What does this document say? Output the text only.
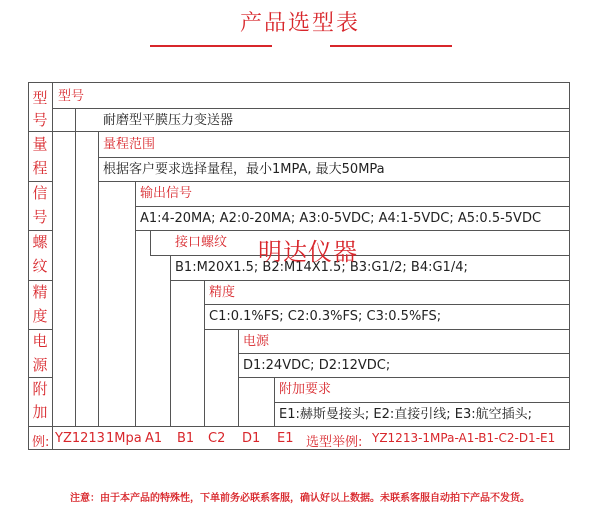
产品选型表
型
号
量
程
信
号
螺
纹
精
度
电
源
附
加
型号
耐磨型平膜压力变送器
量程范围
根据客户要求选择量程，最小1MPA, 最大50MPa
输出信号
A1:4-20MA; A2:0-20MA; A3:0-5VDC; A4:1-5VDC; A5:0.5-5VDC
接口螺纹
B1:M20X1.5; B2:M14X1.5; B3:G1/2; B4:G1/4;
精度
C1:0.1%FS; C2:0.3%FS; C3:0.5%FS;
电源
D1:24VDC; D2:12VDC;
附加要求
E1:赫斯曼接头; E2:直接引线; E3:航空插头;
明达仪器
例: YZ1213 1Mpa A1 B1 C2 D1 E1 选型举例: YZ1213-1MPa-A1-B1-C2-D1-E1
注意：由于本产品的特殊性，下单前务必联系客服，确认好以上数据。未联系客服自动拍下产品不发货。
